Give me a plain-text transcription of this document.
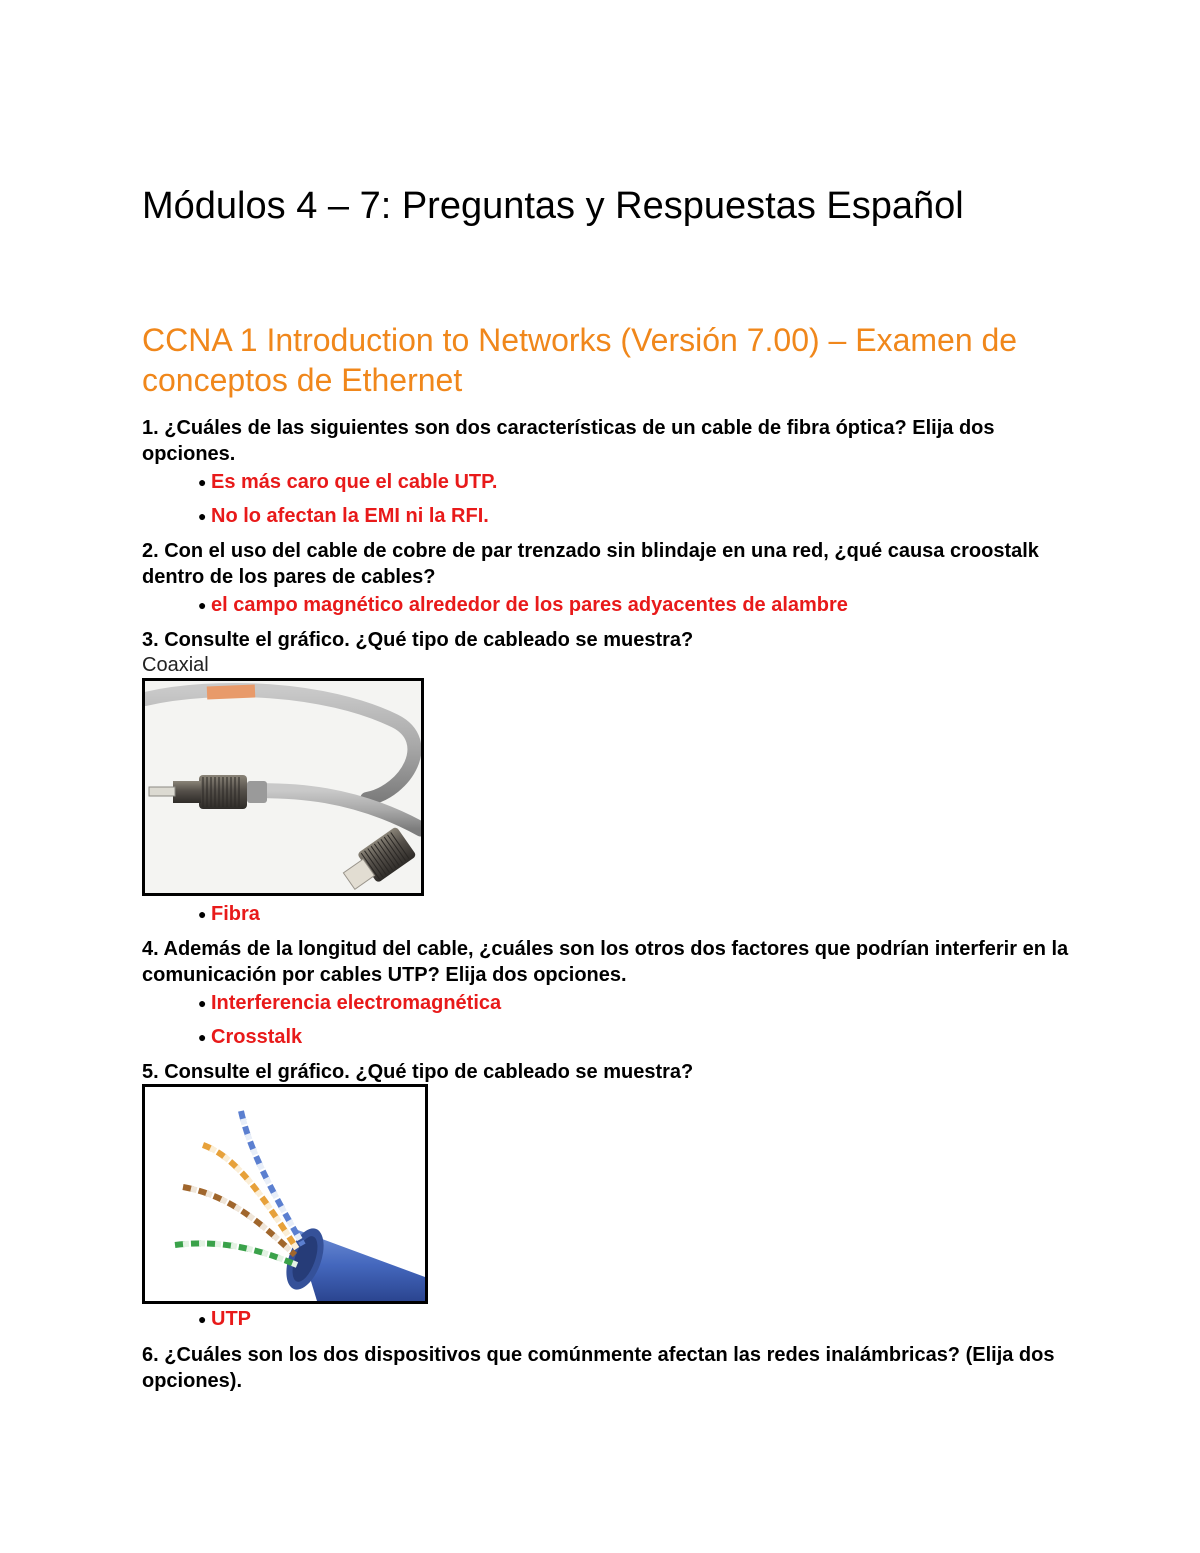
Módulos 4 – 7: Preguntas y Respuestas Español
CCNA 1 Introduction to Networks (Versión 7.00) – Examen de conceptos de Ethernet

1. ¿Cuáles de las siguientes son dos características de un cable de fibra óptica? Elija dos opciones.

● Es más caro que el cable UTP.

● No lo afectan la EMI ni la RFI.

2. Con el uso del cable de cobre de par trenzado sin blindaje en una red, ¿qué causa croostalk dentro de los pares de cables?

● el campo magnético alrededor de los pares adyacentes de alambre

3. Consulte el gráfico. ¿Qué tipo de cableado se muestra?

Coaxial

● Fibra

4. Además de la longitud del cable, ¿cuáles son los otros dos factores que podrían interferir en la comunicación por cables UTP? Elija dos opciones.

● Interferencia electromagnética

● Crosstalk

5. Consulte el gráfico. ¿Qué tipo de cableado se muestra?

● UTP

6. ¿Cuáles son los dos dispositivos que comúnmente afectan las redes inalámbricas? (Elija dos opciones).
